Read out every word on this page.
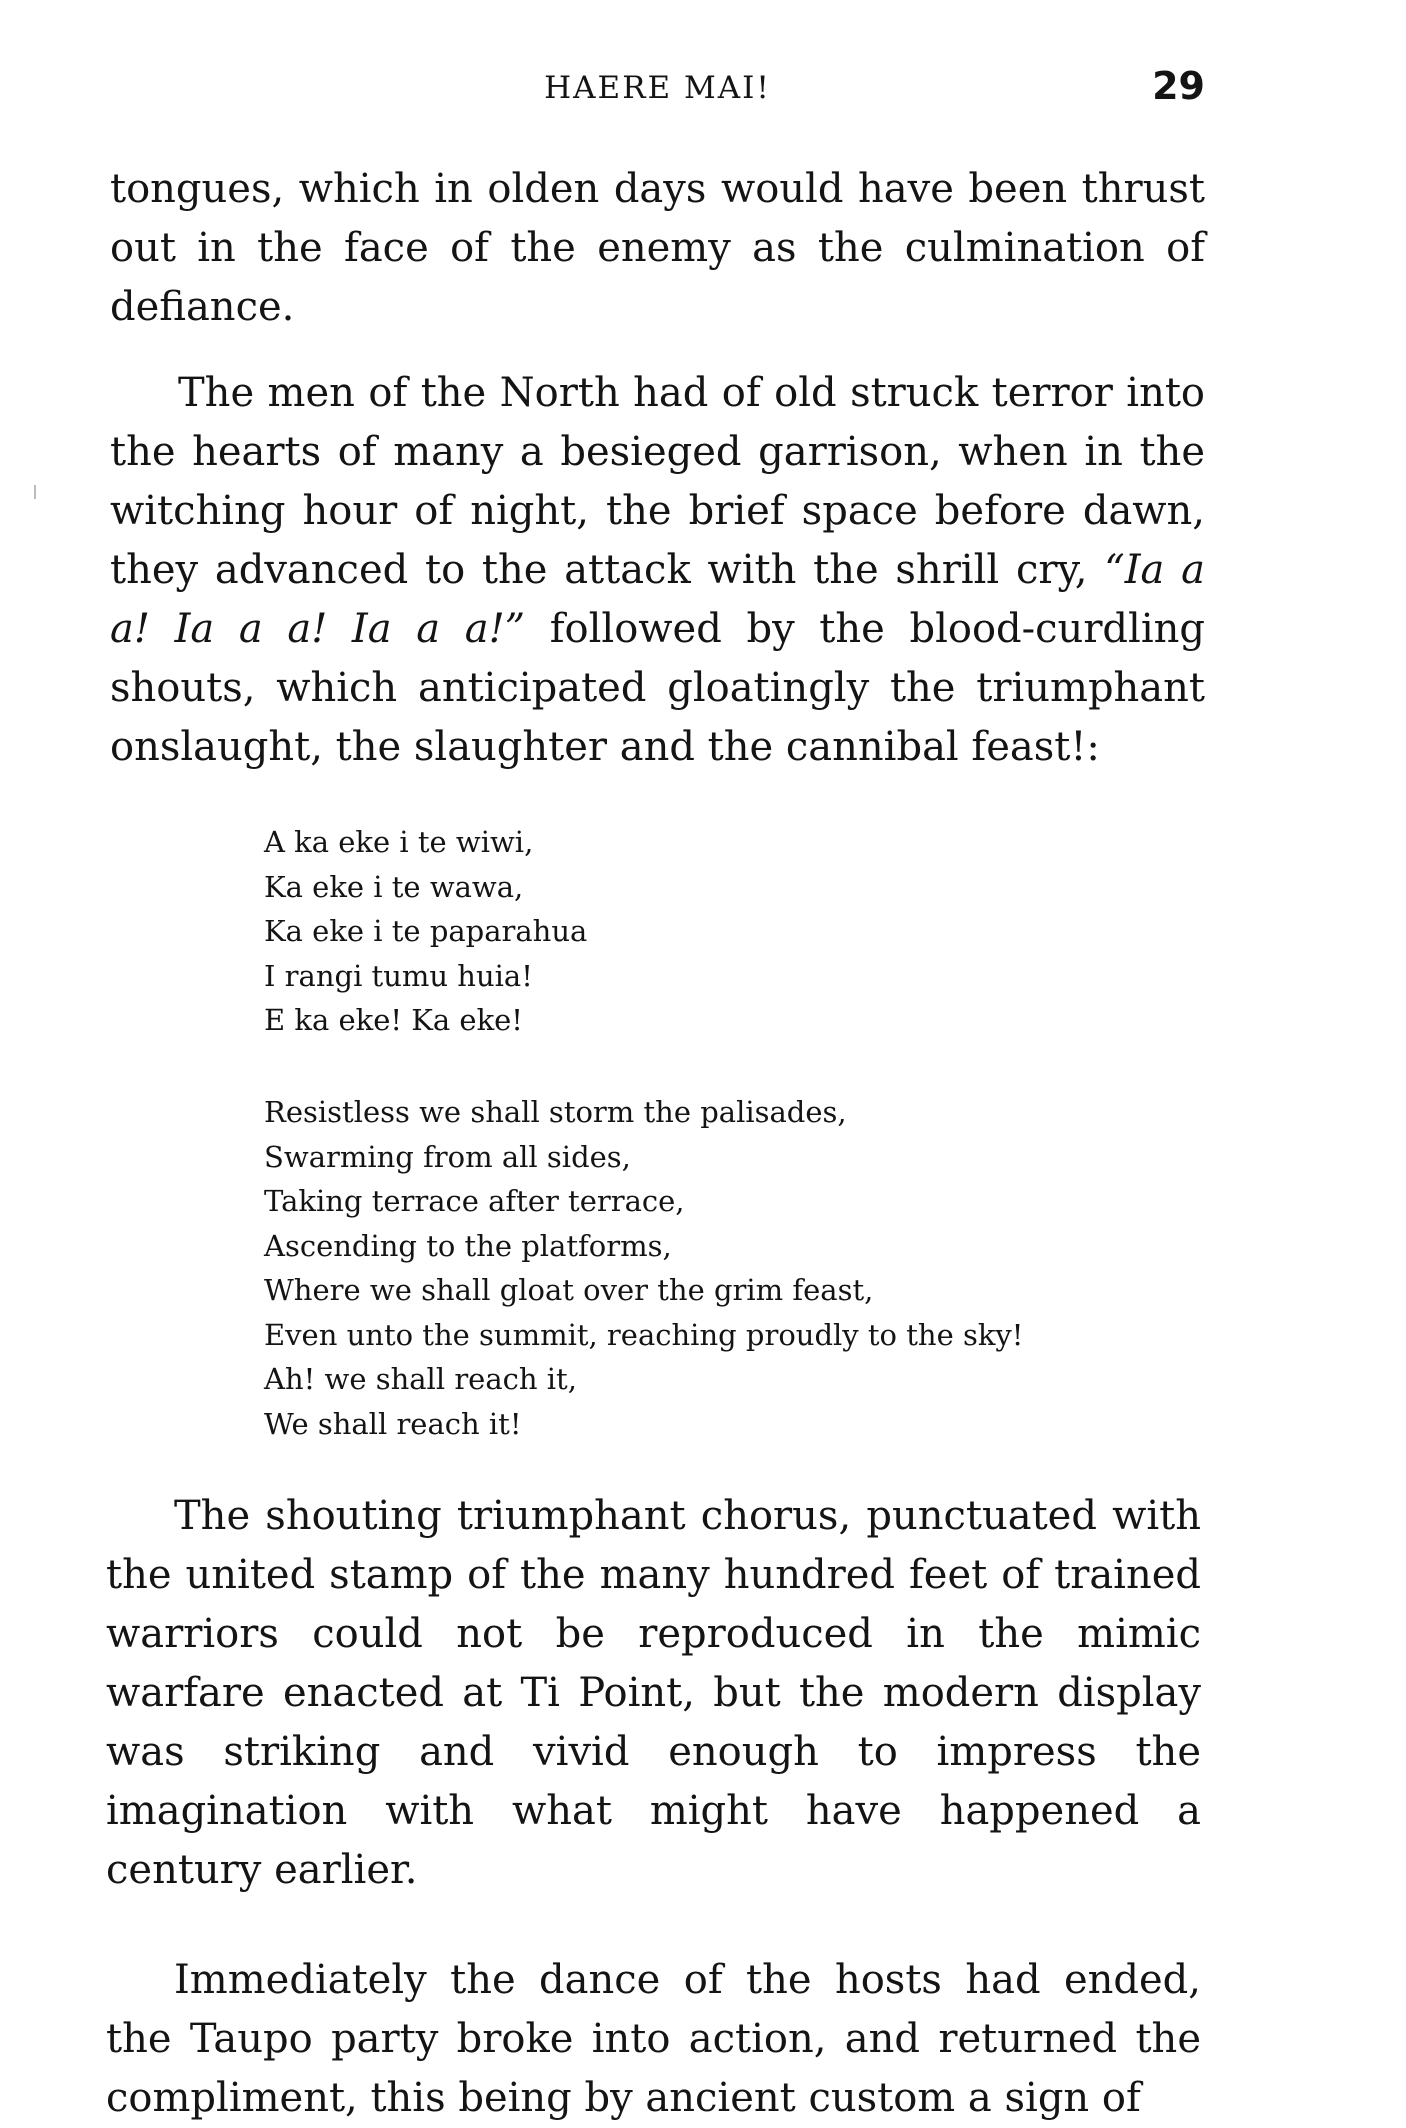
HAERE MAI!	29

tongues, which in olden days would have been thrust out in the face of the enemy as the culmination of defiance.

The men of the North had of old struck terror into the hearts of many a besieged garrison, when in the witching hour of night, the brief space before dawn, they advanced to the attack with the shrill cry, “Ia a a! Ia a a! Ia a a!” followed by the blood-curdling shouts, which anticipated gloatingly the triumphant onslaught, the slaughter and the cannibal feast!:

A ka eke i te wiwi,
Ka eke i te wawa,
Ka eke i te paparahua
I rangi tumu huia!
E ka eke! Ka eke!
Resistless we shall storm the palisades,
Swarming from all sides,
Taking terrace after terrace,
Ascending to the platforms,
Where we shall gloat over the grim feast,
Even unto the summit, reaching proudly to the sky!
Ah! we shall reach it,
We shall reach it!

The shouting triumphant chorus, punctuated with the united stamp of the many hundred feet of trained warriors could not be reproduced in the mimic warfare enacted at Ti Point, but the modern display was striking and vivid enough to impress the imagination with what might have happened a century earlier.

Immediately the dance of the hosts had ended, the Taupo party broke into action, and returned the compliment, this being by ancient custom a sign of
